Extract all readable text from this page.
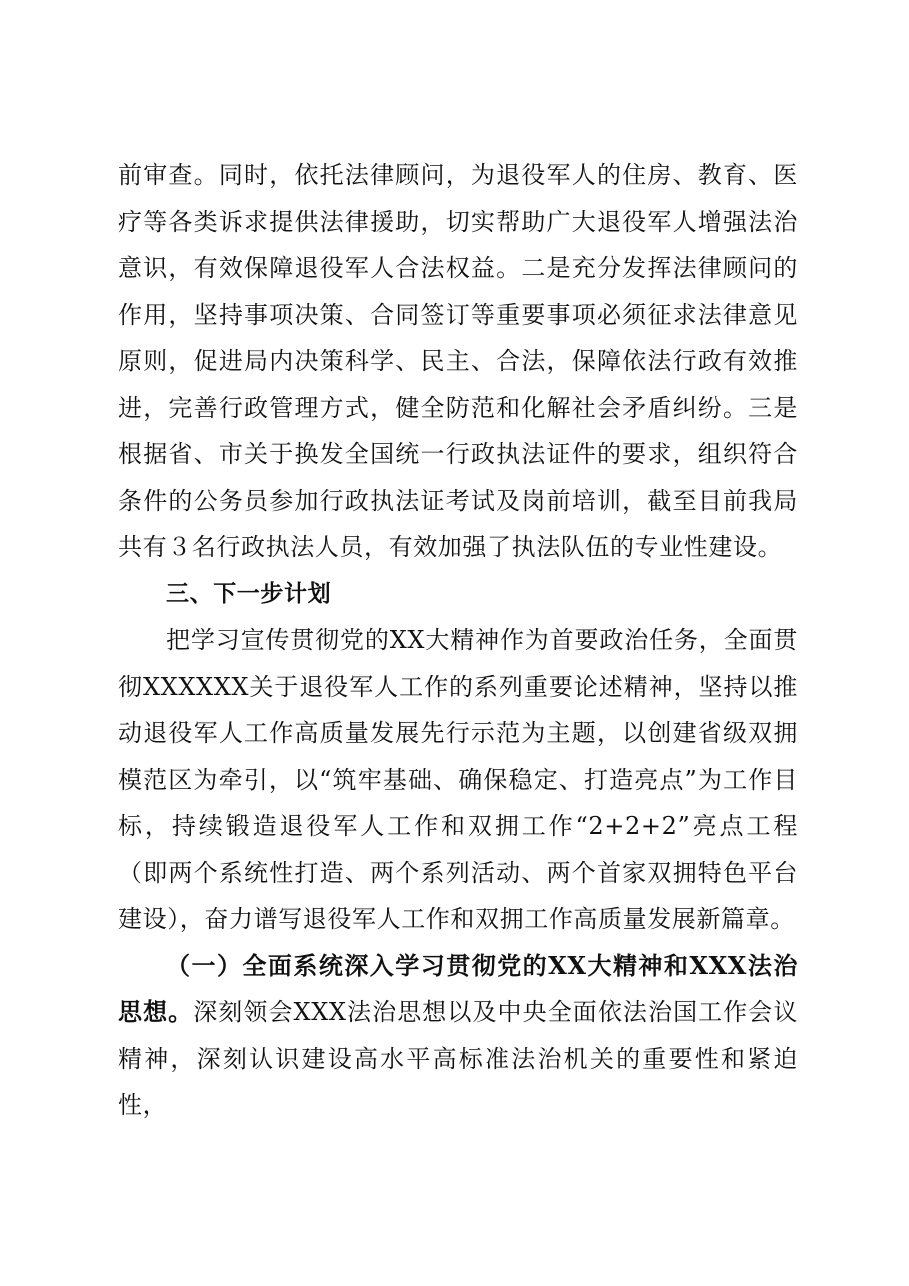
前审查。同时，依托法律顾问，为退役军人的住房、教育、医疗等各类诉求提供法律援助，切实帮助广大退役军人增强法治意识，有效保障退役军人合法权益。二是充分发挥法律顾问的作用，坚持事项决策、合同签订等重要事项必须征求法律意见原则，促进局内决策科学、民主、合法，保障依法行政有效推进，完善行政管理方式，健全防范和化解社会矛盾纠纷。三是根据省、市关于换发全国统一行政执法证件的要求，组织符合条件的公务员参加行政执法证考试及岗前培训，截至目前我局共有３名行政执法人员，有效加强了执法队伍的专业性建设。

三、下一步计划

把学习宣传贯彻党的XX大精神作为首要政治任务，全面贯彻XXXXXX关于退役军人工作的系列重要论述精神，坚持以推动退役军人工作高质量发展先行示范为主题，以创建省级双拥模范区为牵引，以“筑牢基础、确保稳定、打造亮点”为工作目标，持续锻造退役军人工作和双拥工作“2+2+2”亮点工程（即两个系统性打造、两个系列活动、两个首家双拥特色平台建设），奋力谱写退役军人工作和双拥工作高质量发展新篇章。

（一）全面系统深入学习贯彻党的XX大精神和XXX法治思想。深刻领会XXX法治思想以及中央全面依法治国工作会议精神，深刻认识建设高水平高标准法治机关的重要性和紧迫性，
